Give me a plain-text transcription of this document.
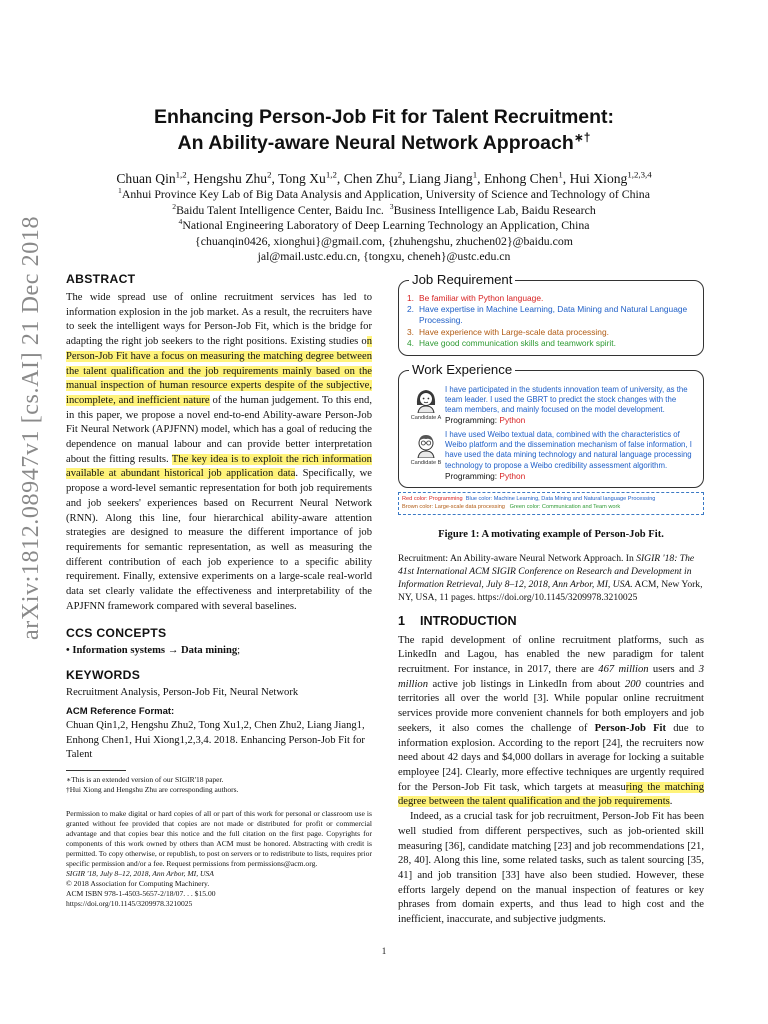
arXiv:1812.08947v1 [cs.AI] 21 Dec 2018
Enhancing Person-Job Fit for Talent Recruitment:
An Ability-aware Neural Network Approach∗†
Chuan Qin$^{1,2}$, Hengshu Zhu$^2$, Tong Xu$^{1,2}$, Chen Zhu$^2$, Liang Jiang$^1$, Enhong Chen$^1$, Hui Xiong$^{1,2,3,4}$
$^1$Anhui Province Key Lab of Big Data Analysis and Application, University of Science and Technology of China
$^2$Baidu Talent Intelligence Center, Baidu Inc. $^3$Business Intelligence Lab, Baidu Research
$^4$National Engineering Laboratory of Deep Learning Technology an Application, China
{chuanqin0426, xionghui}@gmail.com, {zhuhengshu, zhuchen02}@baidu.com
jal@mail.ustc.edu.cn, {tongxu, cheneh}@ustc.edu.cn
ABSTRACT
The wide spread use of online recruitment services has led to information explosion in the job market. As a result, the recruiters have to seek the intelligent ways for Person-Job Fit, which is the bridge for adapting the right job seekers to the right positions. Existing studies on Person-Job Fit have a focus on measuring the matching degree between the talent qualification and the job requirements mainly based on the manual inspection of human resource experts despite of the subjective, incomplete, and inefficient nature of the human judgement. To this end, in this paper, we propose a novel end-to-end Ability-aware Person-Job Fit Neural Network (APJFNN) model, which has a goal of reducing the dependence on manual labour and can provide better interpretation about the fitting results. The key idea is to exploit the rich information available at abundant historical job application data. Specifically, we propose a word-level semantic representation for both job requirements and job seekers' experiences based on Recurrent Neural Network (RNN). Along this line, four hierarchical ability-aware attention strategies are designed to measure the different importance of job requirements for semantic representation, as well as measuring the different contribution of each job experience to a specific ability requirement. Finally, extensive experiments on a large-scale real-world data set clearly validate the effectiveness and interpretability of the APJFNN framework compared with several baselines.
CCS CONCEPTS
• Information systems → Data mining;
KEYWORDS
Recruitment Analysis, Person-Job Fit, Neural Network
ACM Reference Format:
Chuan Qin1,2, Hengshu Zhu2, Tong Xu1,2, Chen Zhu2, Liang Jiang1, Enhong Chen1, Hui Xiong1,2,3,4. 2018. Enhancing Person-Job Fit for Talent
∗This is an extended version of our SIGIR'18 paper.
†Hui Xiong and Hengshu Zhu are corresponding authors.
Permission to make digital or hard copies of all or part of this work for personal or classroom use is granted without fee provided that copies are not made or distributed for profit or commercial advantage and that copies bear this notice and the full citation on the first page. Copyrights for components of this work owned by others than ACM must be honored. Abstracting with credit is permitted. To copy otherwise, or republish, to post on servers or to redistribute to lists, requires prior specific permission and/or a fee. Request permissions from permissions@acm.org.
SIGIR '18, July 8–12, 2018, Ann Arbor, MI, USA
© 2018 Association for Computing Machinery.
ACM ISBN 978-1-4503-5657-2/18/07. . . $15.00
https://doi.org/10.1145/3209978.3210025
Job Requirement
1. Be familiar with Python language.
2. Have expertise in Machine Learning, Data Mining and Natural Language Processing.
3. Have experience with Large-scale data processing.
4. Have good communication skills and teamwork spirit.
Work Experience
Candidate A
I have participated in the students innovation team of university, as the team leader. I used the GBRT to predict the stock changes with the team members, and mainly focused on the model development.
Programming: Python
Candidate B
I have used Weibo textual data, combined with the characteristics of Weibo platform and the dissemination mechanism of false information, I have used the data mining technology and natural language processing technology to propose a Weibo credibility assessment algorithm.
Programming: Python
Red color: Programming Blue color: Machine Learning, Data Mining and Natural language Processing
Brown color: Large-scale data processing Green color: Communication and Team work
Figure 1: A motivating example of Person-Job Fit.
Recruitment: An Ability-aware Neural Network Approach. In SIGIR '18: The 41st International ACM SIGIR Conference on Research and Development in Information Retrieval, July 8–12, 2018, Ann Arbor, MI, USA. ACM, New York, NY, USA, 11 pages. https://doi.org/10.1145/3209978.3210025
1 INTRODUCTION
The rapid development of online recruitment platforms, such as LinkedIn and Lagou, has enabled the new paradigm for talent recruitment. For instance, in 2017, there are 467 million users and 3 million active job listings in LinkedIn from about 200 countries and territories all over the world [3]. While popular online recruitment services provide more convenient channels for both employers and job seekers, it also comes the challenge of Person-Job Fit due to information explosion. According to the report [24], the recruiters now need about 42 days and $4,000 dollars in average for locking a suitable employee [24]. Clearly, more effective techniques are urgently required for the Person-Job Fit task, which targets at measuring the matching degree between the talent qualification and the job requirements.
Indeed, as a crucial task for job recruitment, Person-Job Fit has been well studied from different perspectives, such as job-oriented skill measuring [36], candidate matching [23] and job recommendations [21, 28, 40]. Along this line, some related tasks, such as talent sourcing [35, 41] and job transition [33] have also been studied. However, these efforts largely depend on the manual inspection of features or key phrases from domain experts, and thus lead to high cost and the inefficient, inaccurate, and subjective judgments.
1
